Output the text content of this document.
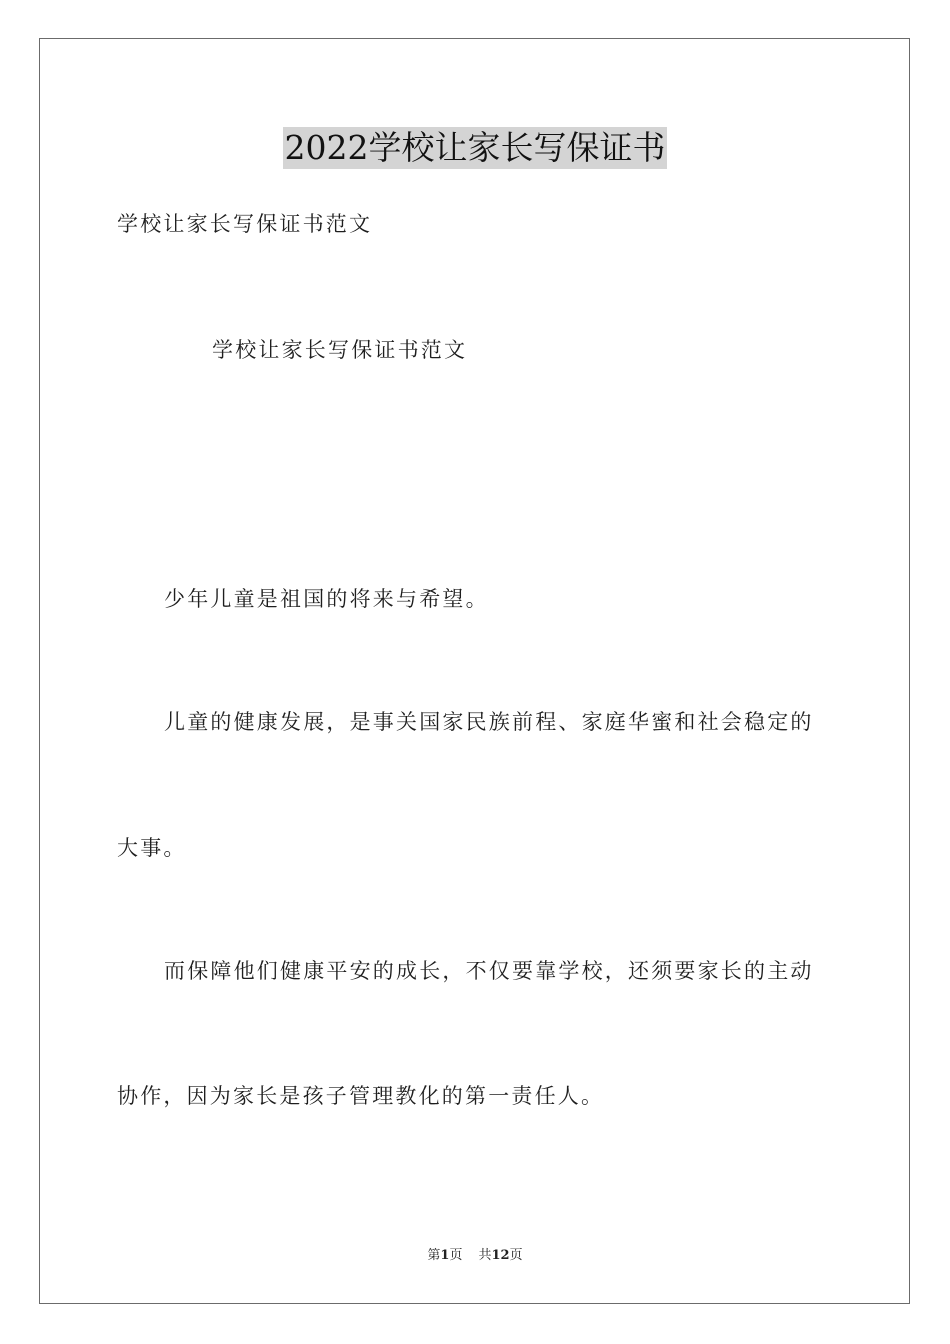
2022学校让家长写保证书
学校让家长写保证书范文
学校让家长写保证书范文
少年儿童是祖国的将来与希望。
儿童的健康发展，是事关国家民族前程、家庭华蜜和社会稳定的
大事。
而保障他们健康平安的成长，不仅要靠学校，还须要家长的主动
协作，因为家长是孩子管理教化的第一责任人。
第1页 共12页
